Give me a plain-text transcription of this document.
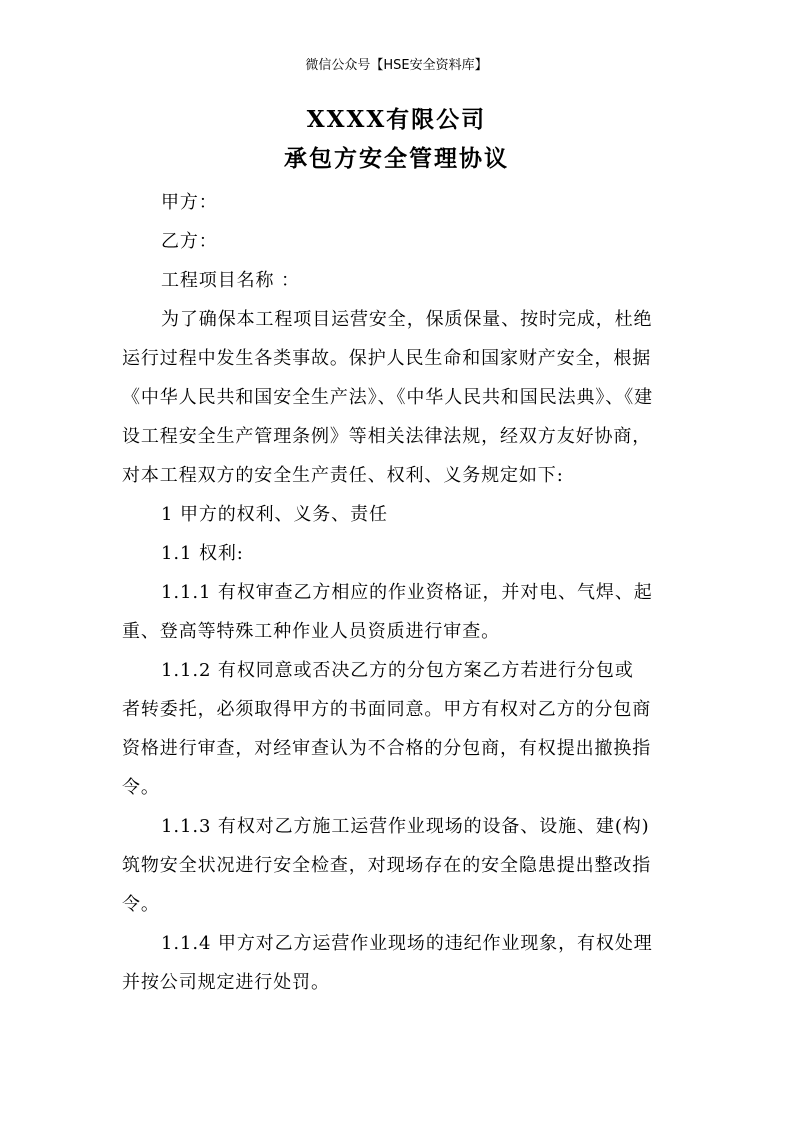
微信公众号【HSE安全资料库】
XXXX有限公司
承包方安全管理协议
甲方：
乙方：
工程项目名称 ：
为了确保本工程项目运营安全，保质保量、按时完成，杜绝
运行过程中发生各类事故。保护人民生命和国家财产安全，根据
《中华人民共和国安全生产法》、《中华人民共和国民法典》、《建
设工程安全生产管理条例》等相关法律法规，经双方友好协商，
对本工程双方的安全生产责任、权利、义务规定如下:
1 甲方的权利、义务、责任
1.1 权利:
1.1.1 有权审查乙方相应的作业资格证，并对电、气焊、起
重、登高等特殊工种作业人员资质进行审查。
1.1.2 有权同意或否决乙方的分包方案乙方若进行分包或
者转委托，必须取得甲方的书面同意。甲方有权对乙方的分包商
资格进行审查，对经审查认为不合格的分包商，有权提出撤换指
令。
1.1.3 有权对乙方施工运营作业现场的设备、设施、建(构)
筑物安全状况进行安全检查，对现场存在的安全隐患提出整改指
令。
1.1.4 甲方对乙方运营作业现场的违纪作业现象，有权处理
并按公司规定进行处罚。
